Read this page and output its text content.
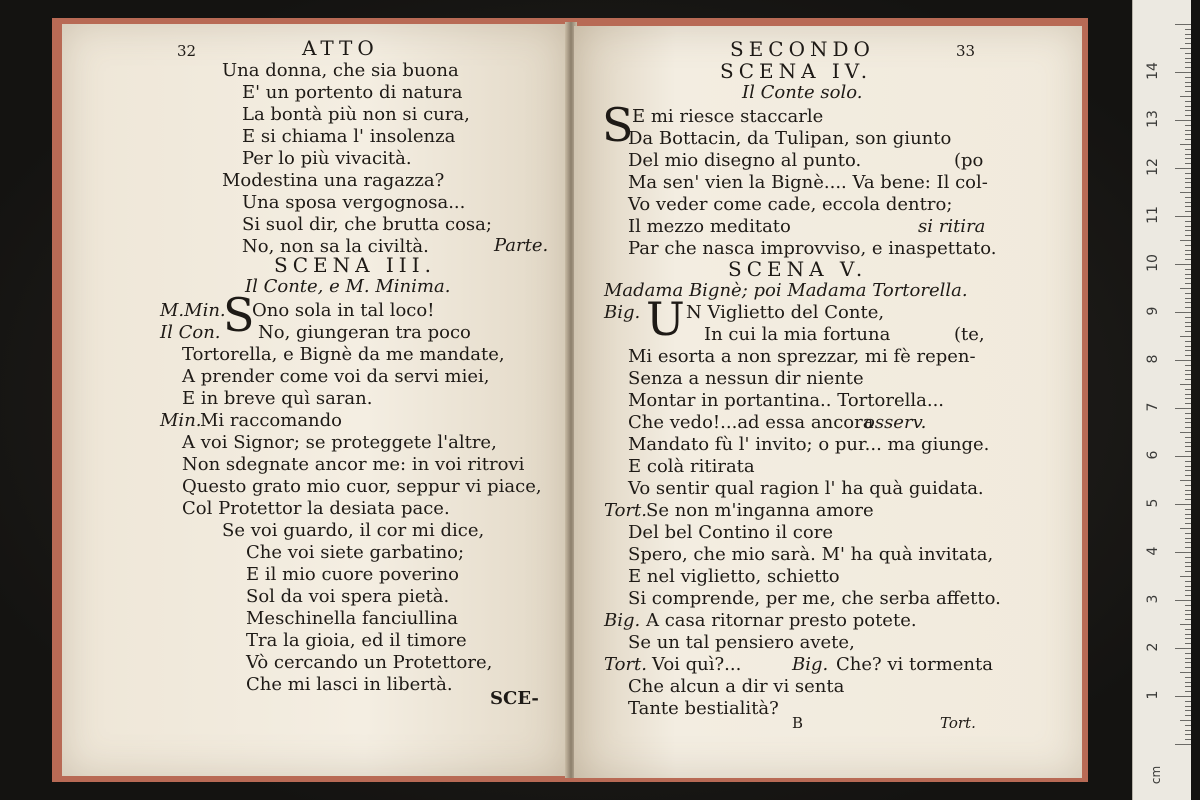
32	ATTO
Una donna, che sia buona
E' un portento di natura
La bontà più non si cura,
E si chiama l' insolenza
Per lo più vivacità.
Modestina una ragazza?
Una sposa vergognosa...
Si suol dir, che brutta cosa;
No, non sa la civiltà.	Parte.
SCENA III.
Il Conte, e M. Minima.
M.Min.
Il Con. S
Ono sola in tal loco!
No, giungeran tra poco
Tortorella, e Bignè da me mandate,
A prender come voi da servi miei,
E in breve quì saran.
Min.
Mi raccomando
A voi Signor; se proteggete l'altre,
Non sdegnate ancor me: in voi ritrovi
Questo grato mio cuor, seppur vi piace,
Col Protettor la desiata pace.
Se voi guardo, il cor mi dice,
Che voi siete garbatino;
E il mio cuore poverino
Sol da voi spera pietà.
Meschinella fanciullina
Tra la gioia, ed il timore
Vò cercando un Protettore,
Che mi lasci in libertà.
SCE-
SECONDO	33
SCENA IV.
Il Conte solo.
S
E mi riesce staccarle
Da Bottacin, da Tulipan, son giunto
Del mio disegno al punto.
Ma sen' vien la Bignè.... Va bene: Il col-
Vo veder come cade, eccola dentro;
Il mezzo meditato
Par che nasca improvviso, e inaspettato.
(po
si ritira
SCENA V.
Madama Bignè; poi Madama Tortorella.
Big. U N Viglietto del Conte,
In cui la mia fortuna	(te,
Mi esorta a non sprezzar, mi fè repen-
Senza a nessun dir niente
Montar in portantina.. Tortorella...
Che vedo!...ad essa ancora
Mandato fù l' invito; o pur... ma giunge.
E colà ritirata
Vo sentir qual ragion l' ha quà guidata.
osserv.
Tort.
Se non m'inganna amore
Del bel Contino il core
Spero, che mio sarà. M' ha quà invitata,
E nel viglietto, schietto
Si comprende, per me, che serba affetto.
Big. A casa ritornar presto potete.
Se un tal pensiero avete,
Tort. Voi quì?...	Big. Che? vi tormenta
Che alcun a dir vi senta
Tante bestialità?
B	Tort.
cm
1
2
3
4
5
6
7
8
9
10
11
12
13
14
